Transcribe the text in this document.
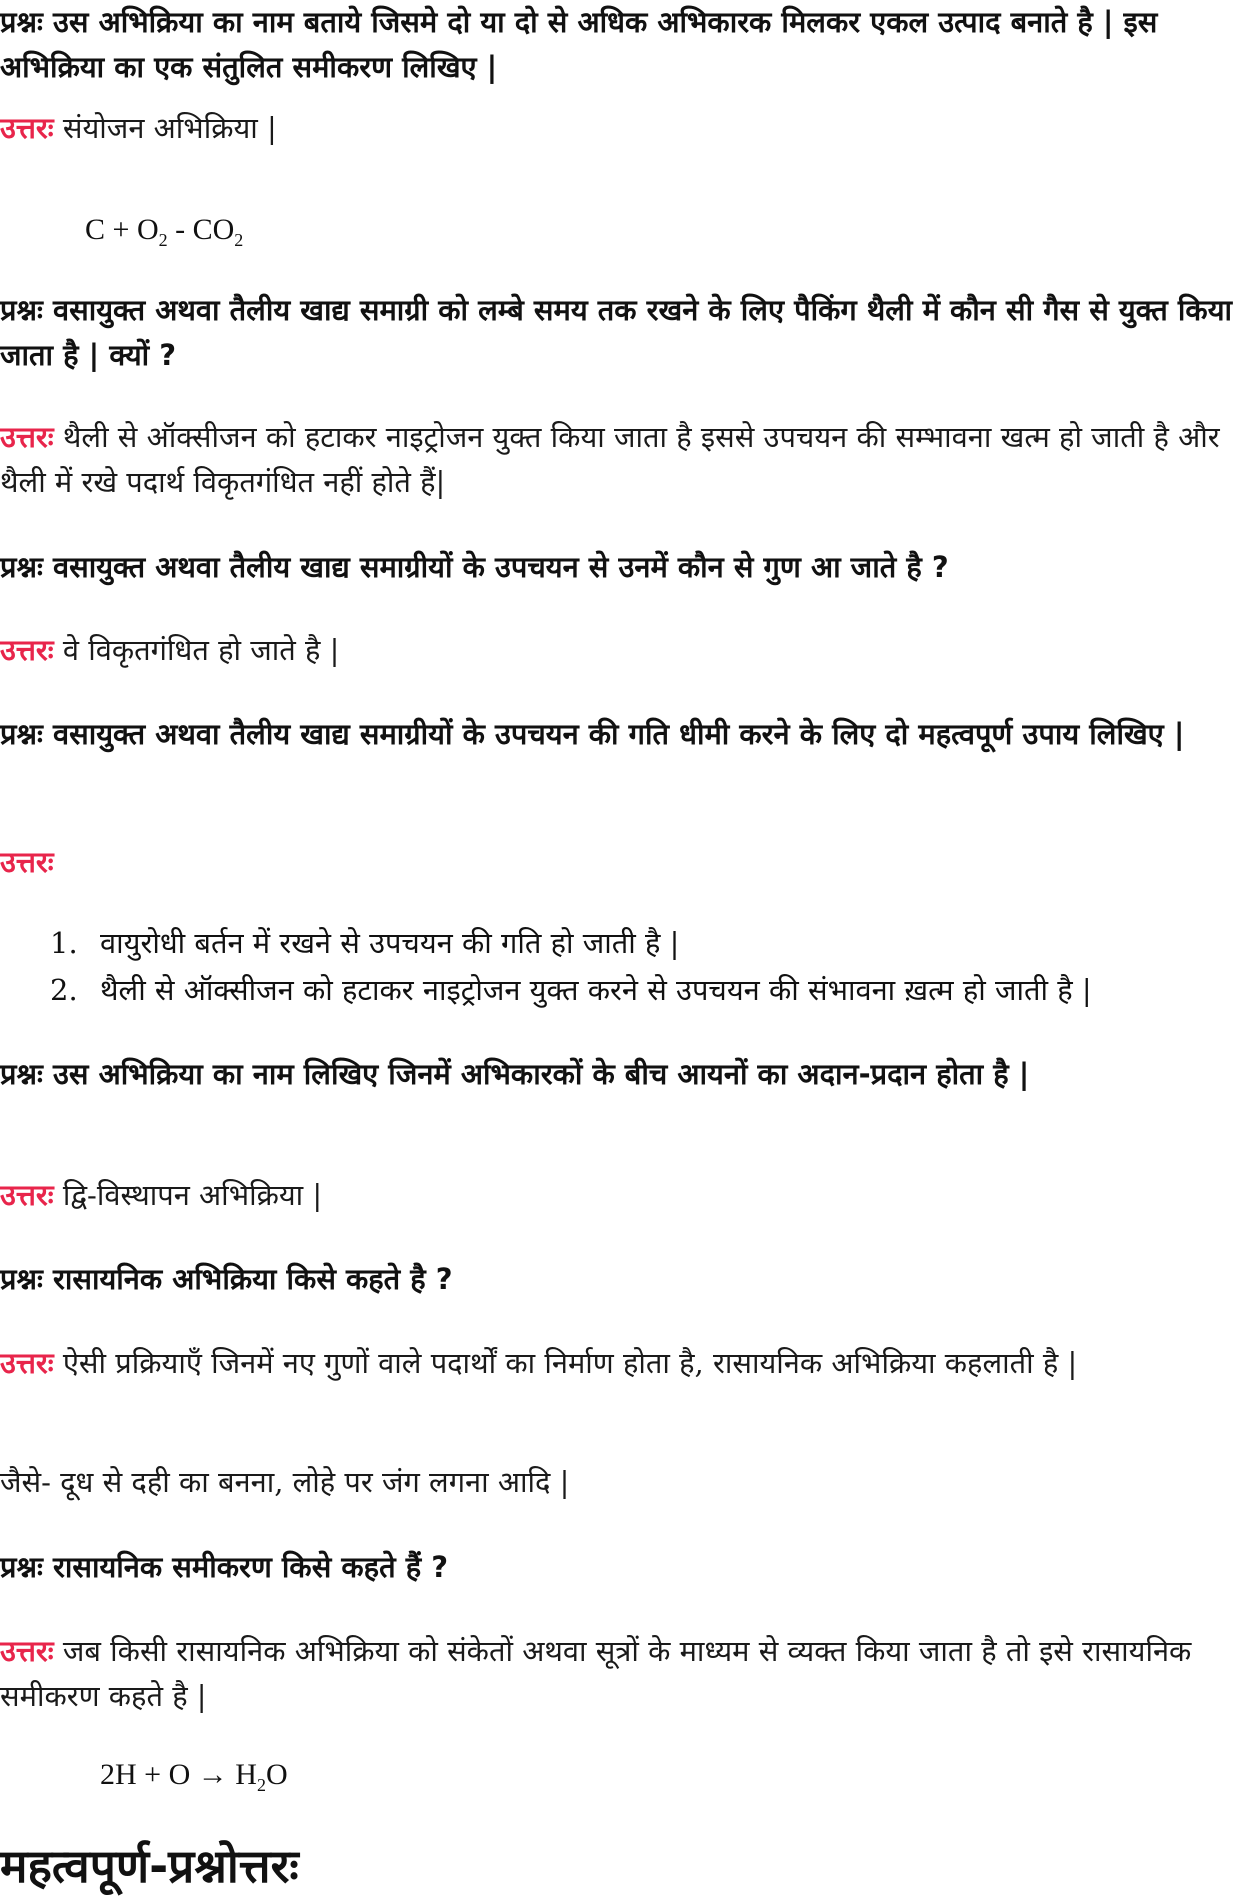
प्रश्नः उस अभिक्रिया का नाम बताये जिसमे दो या दो से अधिक अभिकारक मिलकर एकल उत्पाद बनाते है | इस अभिक्रिया का एक संतुलित समीकरण लिखिए |
उत्तरः संयोजन अभिक्रिया |
$C + O_2 - CO_2$
प्रश्नः वसायुक्त अथवा तैलीय खाद्य समाग्री को लम्बे समय तक रखने के लिए पैकिंग थैली में कौन सी गैस से युक्त किया जाता है | क्यों ?
उत्तरः थैली से ऑक्सीजन को हटाकर नाइट्रोजन युक्त किया जाता है इससे उपचयन की सम्भावना खत्म हो जाती है और थैली में रखे पदार्थ विकृतगंधित नहीं होते हैं|
प्रश्नः वसायुक्त अथवा तैलीय खाद्य समाग्रीयों के उपचयन से उनमें कौन से गुण आ जाते है ?
उत्तरः वे विकृतगंधित हो जाते है |
प्रश्नः वसायुक्त अथवा तैलीय खाद्य समाग्रीयों के उपचयन की गति धीमी करने के लिए दो महत्वपूर्ण उपाय लिखिए |
उत्तरः
1. वायुरोधी बर्तन में रखने से उपचयन की गति हो जाती है |
2. थैली से ऑक्सीजन को हटाकर नाइट्रोजन युक्त करने से उपचयन की संभावना ख़त्म हो जाती है |
प्रश्नः उस अभिक्रिया का नाम लिखिए जिनमें अभिकारकों के बीच आयनों का अदान-प्रदान होता है |
उत्तरः द्वि-विस्थापन अभिक्रिया |
प्रश्नः रासायनिक अभिक्रिया किसे कहते है ?
उत्तरः ऐसी प्रक्रियाएँ जिनमें नए गुणों वाले पदार्थों का निर्माण होता है, रासायनिक अभिक्रिया कहलाती है |
जैसे- दूध से दही का बनना, लोहे पर जंग लगना आदि |
प्रश्नः रासायनिक समीकरण किसे कहते हैं ?
उत्तरः जब किसी रासायनिक अभिक्रिया को संकेतों अथवा सूत्रों के माध्यम से व्यक्त किया जाता है तो इसे रासायनिक समीकरण कहते है |
$2H + O \to H_2O$
महत्वपूर्ण-प्रश्नोत्तरः
